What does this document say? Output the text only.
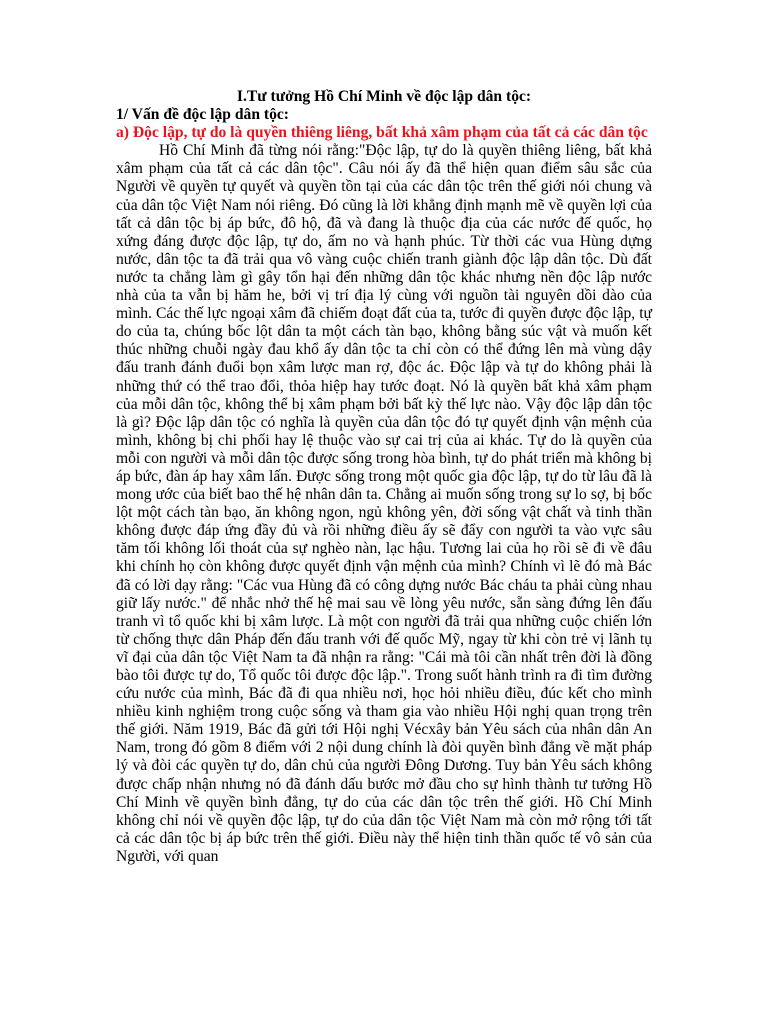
I.Tư tưởng Hồ Chí Minh về độc lập dân tộc:

1/ Vấn đề độc lập dân tộc:

a) Độc lập, tự do là quyền thiêng liêng, bất khả xâm phạm của tất cả các dân tộc

Hồ Chí Minh đã từng nói rằng:"Độc lập, tự do là quyền thiêng liêng, bất khả xâm phạm của tất cả các dân tộc". Câu nói ấy đã thể hiện quan điểm sâu sắc của Người về quyền tự quyết và quyền tồn tại của các dân tộc trên thế giới nói chung và của dân tộc Việt Nam nói riêng. Đó cũng là lời khẳng định mạnh mẽ về quyền lợi của tất cả dân tộc bị áp bức, đô hộ, đã và đang là thuộc địa của các nước đế quốc, họ xứng đáng được độc lập, tự do, ấm no và hạnh phúc. Từ thời các vua Hùng dựng nước, dân tộc ta đã trải qua vô vàng cuộc chiến tranh giành độc lập dân tộc. Dù đất nước ta chẳng làm gì gây tổn hại đến những dân tộc khác nhưng nền độc lập nước nhà của ta vẫn bị hăm he, bởi vị trí địa lý cùng với nguồn tài nguyên dồi dào của mình. Các thế lực ngoại xâm đã chiếm đoạt đất của ta, tước đi quyền được độc lập, tự do của ta, chúng bốc lột dân ta một cách tàn bạo, không bằng súc vật và muốn kết thúc những chuỗi ngày đau khổ ấy dân tộc ta chỉ còn có thể đứng lên mà vùng dậy đấu tranh đánh đuổi bọn xâm lược man rợ, độc ác. Độc lập và tự do không phải là những thứ có thể trao đổi, thỏa hiệp hay tước đoạt. Nó là quyền bất khả xâm phạm của mỗi dân tộc, không thể bị xâm phạm bởi bất kỳ thế lực nào. Vậy độc lập dân tộc là gì? Độc lập dân tộc có nghĩa là quyền của dân tộc đó tự quyết định vận mệnh của mình, không bị chi phối hay lệ thuộc vào sự cai trị của ai khác. Tự do là quyền của mỗi con người và mỗi dân tộc được sống trong hòa bình, tự do phát triển mà không bị áp bức, đàn áp hay xâm lấn. Được sống trong một quốc gia độc lập, tự do từ lâu đã là mong ước của biết bao thế hệ nhân dân ta. Chẳng ai muốn sống trong sự lo sợ, bị bốc lột một cách tàn bạo, ăn không ngon, ngủ không yên, đời sống vật chất và tinh thần không được đáp ứng đầy đủ và rồi những điều ấy sẽ đẩy con người ta vào vực sâu tăm tối không lối thoát của sự nghèo nàn, lạc hậu. Tương lai của họ rồi sẽ đi về đâu khi chính họ còn không được quyết định vận mệnh của mình? Chính vì lẽ đó mà Bác đã có lời dạy rằng: "Các vua Hùng đã có công dựng nước Bác cháu ta phải cùng nhau giữ lấy nước." để nhắc nhở thế hệ mai sau về lòng yêu nước, sẵn sàng đứng lên đấu tranh vì tổ quốc khi bị xâm lược. Là một con người đã trải qua những cuộc chiến lớn từ chống thực dân Pháp đến đấu tranh với đế quốc Mỹ, ngay từ khi còn trẻ vị lãnh tụ vĩ đại của dân tộc Việt Nam ta đã nhận ra rằng: "Cái mà tôi cần nhất trên đời là đồng bào tôi được tự do, Tổ quốc tôi được độc lập.". Trong suốt hành trình ra đi tìm đường cứu nước của mình, Bác đã đi qua nhiều nơi, học hỏi nhiều điều, đúc kết cho mình nhiều kinh nghiệm trong cuộc sống và tham gia vào nhiều Hội nghị quan trọng trên thế giới. Năm 1919, Bác đã gửi tới Hội nghị Vécxây bản Yêu sách của nhân dân An Nam, trong đó gồm 8 điểm với 2 nội dung chính là đòi quyền bình đẳng về mặt pháp lý và đòi các quyền tự do, dân chủ của người Đông Dương. Tuy bản Yêu sách không được chấp nhận nhưng nó đã đánh dấu bước mở đầu cho sự hình thành tư tưởng Hồ Chí Minh về quyền bình đẳng, tự do của các dân tộc trên thế giới. Hồ Chí Minh không chỉ nói về quyền độc lập, tự do của dân tộc Việt Nam mà còn mở rộng tới tất cả các dân tộc bị áp bức trên thế giới. Điều này thể hiện tinh thần quốc tế vô sản của Người, với quan
